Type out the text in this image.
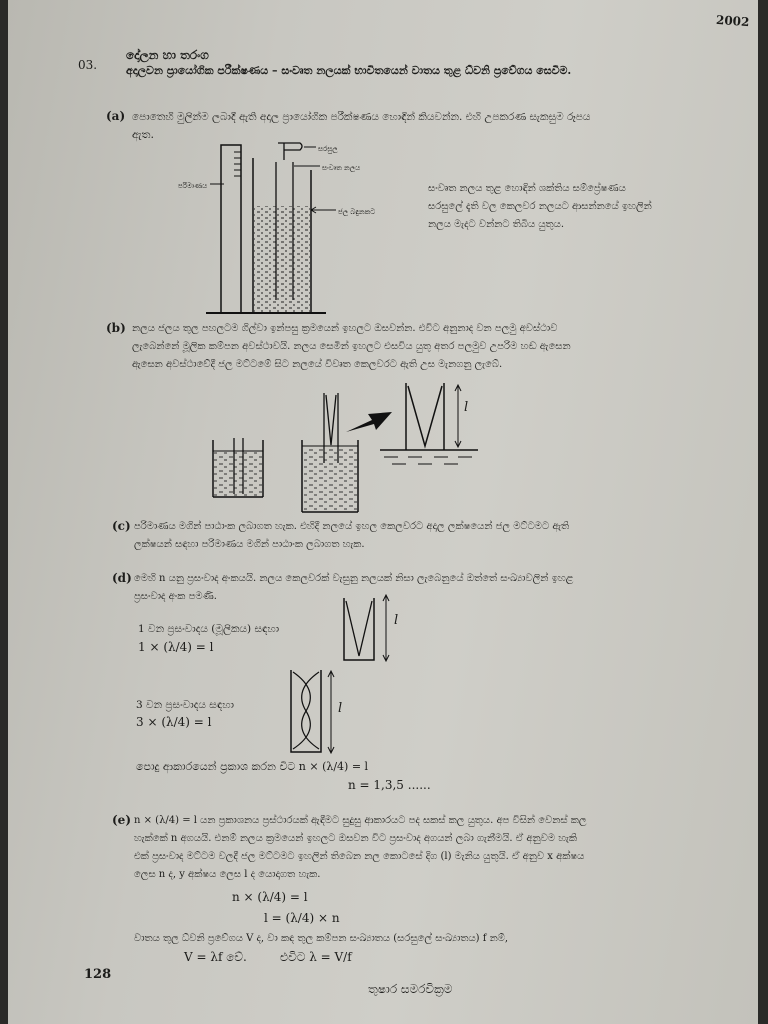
2002
03.
දෝලන හා තරංග
අදාලවන ප්‍රායෝගික පරීක්ෂණය – සංවෘත නලයක් භාවිතයෙන් වාතය තුළ ධ්වනි ප්‍රවේගය සෙවීම.
(a) පොතෙහි මුලින්ම ලබාදී ඇති අදාල ප්‍රායෝගික පරීක්ෂණය හොඳින් කියවන්න. එහි උපකරණ සැකසුම රූපය
ඇත.
සරසුල
සංවෘත නලය
පරිමාණය
ජල බඳුනකට
සංවෘත නලය තුළ හොඳින් ශක්තිය සම්ප්‍රේෂණය
සරසුලේ දැති වල කෙලවර නලයට ආසන්නයේ ඉහලින්
නලය මැදට වන්නට තිබිය යුතුය.
(b) නලය ජලය තුල පහලටම ගිල්වා ඉන්පසු ක්‍රමයෙන් ඉහලට ඔසවන්න. එවිට අනුනාද වන පලමු අවස්ථාව
ලැබෙන්නේ මූලික කම්පන අවස්ථාවයි. නලය සෙමින් ඉහලට එසවිය යුතු අතර පලමුව උපරිම හඬ ඇසෙන
ඇසෙන අවස්ථාවේදී ජල මට්ටමේ සිට නලයේ විවෘත කෙලවරට ඇති උස මැනගනු ලැබේ.
l
(c) පරිමාණය මගින් පාඨාංක ලබාගත හැක. එහිදී නලයේ ඉහල කෙලවරට අදාල ලක්ෂයෙන් ජල මට්ටමට ඇති
ලක්ෂයන් සඳහා පරිමාණය මගින් පාඨාංක ලබාගත හැක.
(d) මෙහි n යනු ප්‍රසංවාද අංකයයි. නලය කෙලවරක් වැසුනු නලයක් නිසා ලැබෙනුයේ ඔත්තේ සංඛ්‍යාවලින් ඉහළ
ප්‍රසංවාද අංක පමණි.
1 වන ප්‍රසංවාදය (මූලිකය) සඳහා
1 × (λ/4) = l
l
l
3 වන ප්‍රසංවාදය සඳහා
3 × (λ/4) = l
පොදු ආකාරයෙන් ප්‍රකාශ කරන විට n × (λ/4) = l
n = 1,3,5 ......
(e) n × (λ/4) = l යන ප්‍රකාශනය ප්‍රස්ථාරයක් ඇඳීමට සුදුසු ආකාරයට පද සකස් කල යුතුය. අප විසින් වෙනස් කල
හැක්කේ n අගයයි. එනම් නලය ක්‍රමයෙන් ඉහලට ඔසවන විට ප්‍රසංවාද අගයන් ලබා ගැනීමයි. ඒ අනුවම හැකි
එක් ප්‍රසංවාද මට්ටම වලදී ජල මට්ටමට ඉහලින් තිබෙන නල කොටසේ දිග (l) මැනිය යුතුයි. ඒ අනුව x අක්ෂය
ලෙස n ද, y අක්ෂය ලෙස l ද යොදාගත හැක.
n × (λ/4) = l
l = (λ/4) × n
වාතය තුල ධ්වනි ප්‍රවේගය V ද, වා කඳ තුල කම්පන සංඛ්‍යාතය (සරසුලේ සංඛ්‍යාතය) f නම්,
V = λf වේ.	එවිට λ = V/f
128
තුෂාර සමරවික්‍රම
